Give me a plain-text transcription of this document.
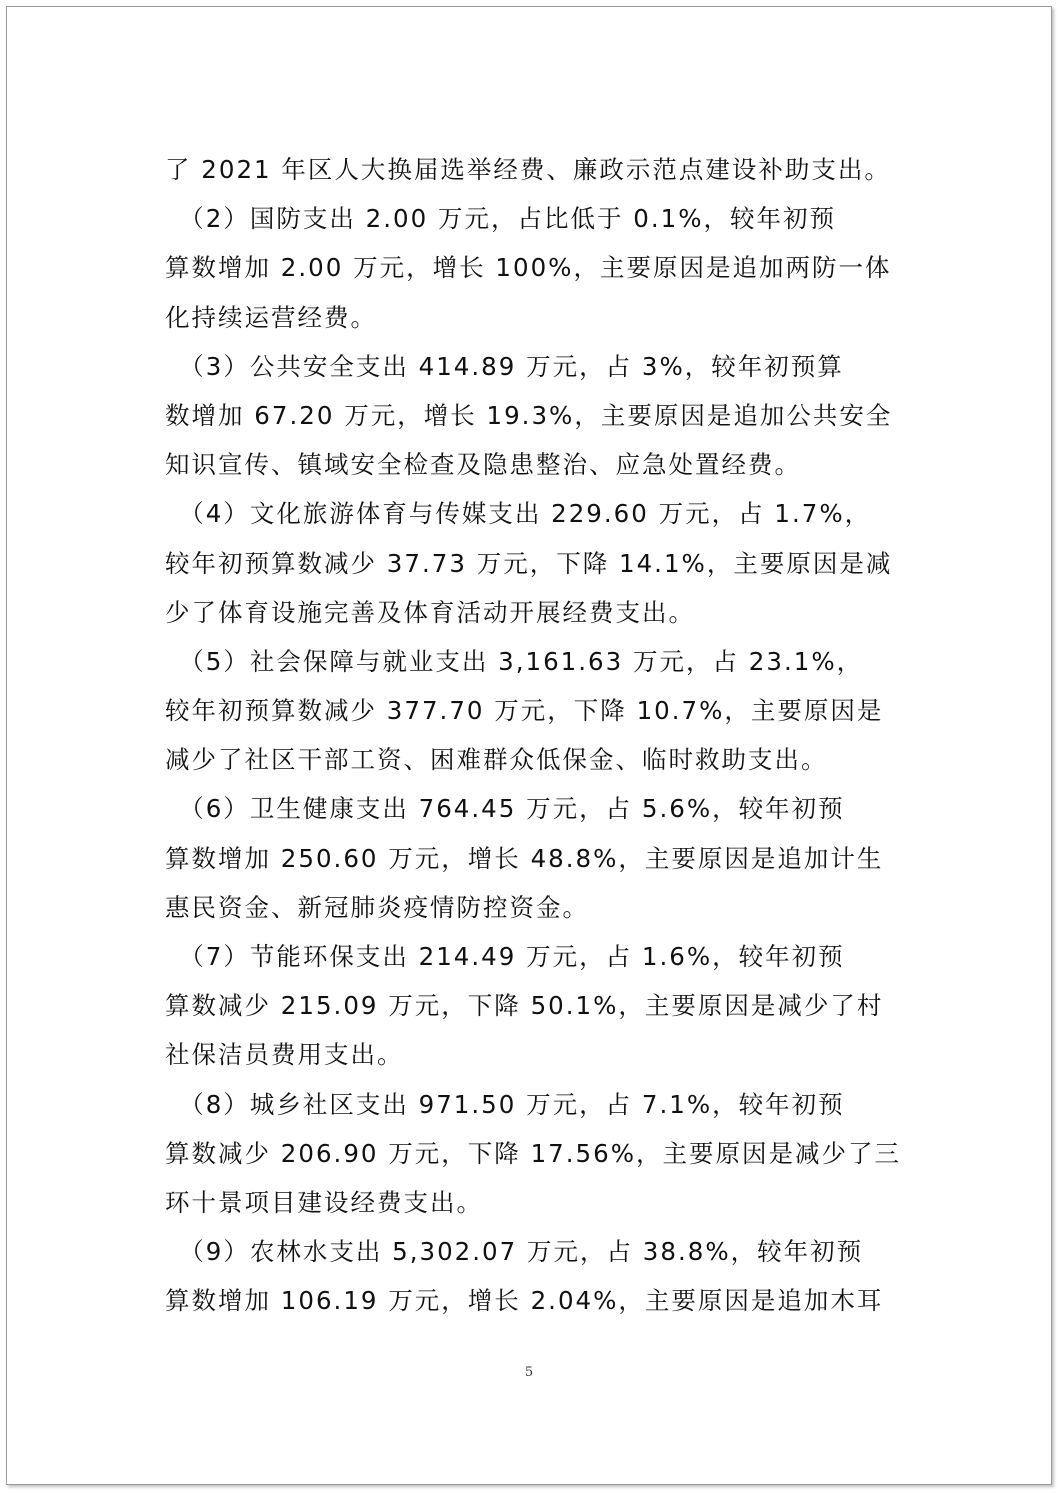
了 2021 年区人大换届选举经费、廉政示范点建设补助支出。
　（2）国防支出 2.00 万元，占比低于 0.1%，较年初预
算数增加 2.00 万元，增长 100%，主要原因是追加两防一体
化持续运营经费。
　（3）公共安全支出 414.89 万元，占 3%，较年初预算
数增加 67.20 万元，增长 19.3%，主要原因是追加公共安全
知识宣传、镇域安全检查及隐患整治、应急处置经费。
　（4）文化旅游体育与传媒支出 229.60 万元，占 1.7%，
较年初预算数减少 37.73 万元，下降 14.1%，主要原因是减
少了体育设施完善及体育活动开展经费支出。
　（5）社会保障与就业支出 3,161.63 万元，占 23.1%，
较年初预算数减少 377.70 万元，下降 10.7%，主要原因是
减少了社区干部工资、困难群众低保金、临时救助支出。
　（6）卫生健康支出 764.45 万元，占 5.6%，较年初预
算数增加 250.60 万元，增长 48.8%，主要原因是追加计生
惠民资金、新冠肺炎疫情防控资金。
　（7）节能环保支出 214.49 万元，占 1.6%，较年初预
算数减少 215.09 万元，下降 50.1%，主要原因是减少了村
社保洁员费用支出。
　（8）城乡社区支出 971.50 万元，占 7.1%，较年初预
算数减少 206.90 万元，下降 17.56%，主要原因是减少了三
环十景项目建设经费支出。
　（9）农林水支出 5,302.07 万元，占 38.8%，较年初预
算数增加 106.19 万元，增长 2.04%，主要原因是追加木耳
5
